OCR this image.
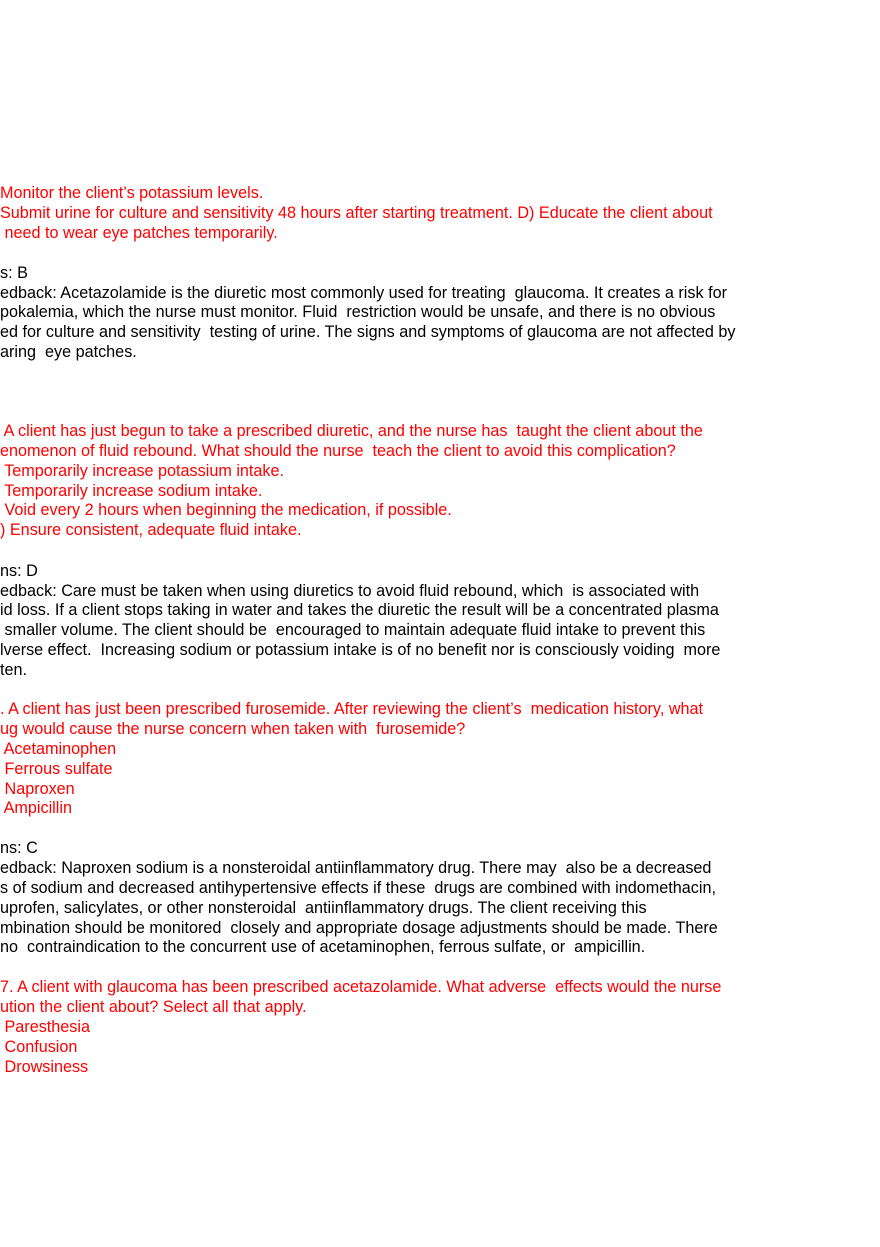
Monitor the client’s potassium levels.
Submit urine for culture and sensitivity 48 hours after starting treatment. D) Educate the client about
need to wear eye patches temporarily.
s: B
edback: Acetazolamide is the diuretic most commonly used for treating  glaucoma. It creates a risk for
pokalemia, which the nurse must monitor. Fluid  restriction would be unsafe, and there is no obvious
ed for culture and sensitivity  testing of urine. The signs and symptoms of glaucoma are not affected by
aring  eye patches.
A client has just begun to take a prescribed diuretic, and the nurse has  taught the client about the
enomenon of fluid rebound. What should the nurse  teach the client to avoid this complication?
Temporarily increase potassium intake.
Temporarily increase sodium intake.
Void every 2 hours when beginning the medication, if possible.
) Ensure consistent, adequate fluid intake.
ns: D
edback: Care must be taken when using diuretics to avoid fluid rebound, which  is associated with
id loss. If a client stops taking in water and takes the diuretic the result will be a concentrated plasma
smaller volume. The client should be  encouraged to maintain adequate fluid intake to prevent this
lverse effect.  Increasing sodium or potassium intake is of no benefit nor is consciously voiding  more
ten.
. A client has just been prescribed furosemide. After reviewing the client’s  medication history, what
ug would cause the nurse concern when taken with  furosemide?
Acetaminophen
Ferrous sulfate
Naproxen
Ampicillin
ns: C
edback: Naproxen sodium is a nonsteroidal antiinflammatory drug. There may  also be a decreased
s of sodium and decreased antihypertensive effects if these  drugs are combined with indomethacin,
uprofen, salicylates, or other nonsteroidal  antiinflammatory drugs. The client receiving this
mbination should be monitored  closely and appropriate dosage adjustments should be made. There
no  contraindication to the concurrent use of acetaminophen, ferrous sulfate, or  ampicillin.
7. A client with glaucoma has been prescribed acetazolamide. What adverse  effects would the nurse
ution the client about? Select all that apply.
Paresthesia
Confusion
Drowsiness
